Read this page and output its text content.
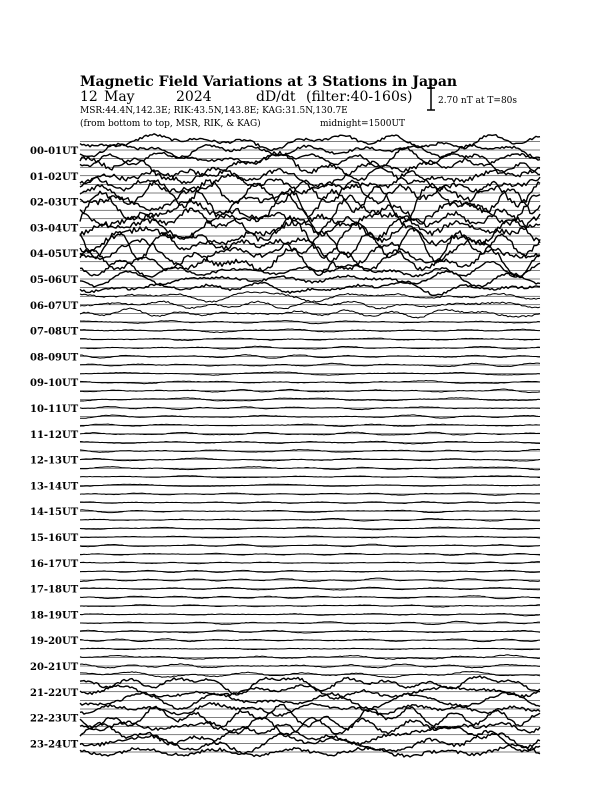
Magnetic Field Variations at 3 Stations in Japan
12 May	2024	dD/dt (filter:40-160s)
MSR:44.4N,142.3E; RIK:43.5N,143.8E; KAG:31.5N,130.7E
(from bottom to top, MSR, RIK, & KAG)	midnight=1500UT
2.70 nT at T=80s
00-01UT
01-02UT
02-03UT
03-04UT
04-05UT
05-06UT
06-07UT
07-08UT
08-09UT
09-10UT
10-11UT
11-12UT
12-13UT
13-14UT
14-15UT
15-16UT
16-17UT
17-18UT
18-19UT
19-20UT
20-21UT
21-22UT
22-23UT
23-24UT
